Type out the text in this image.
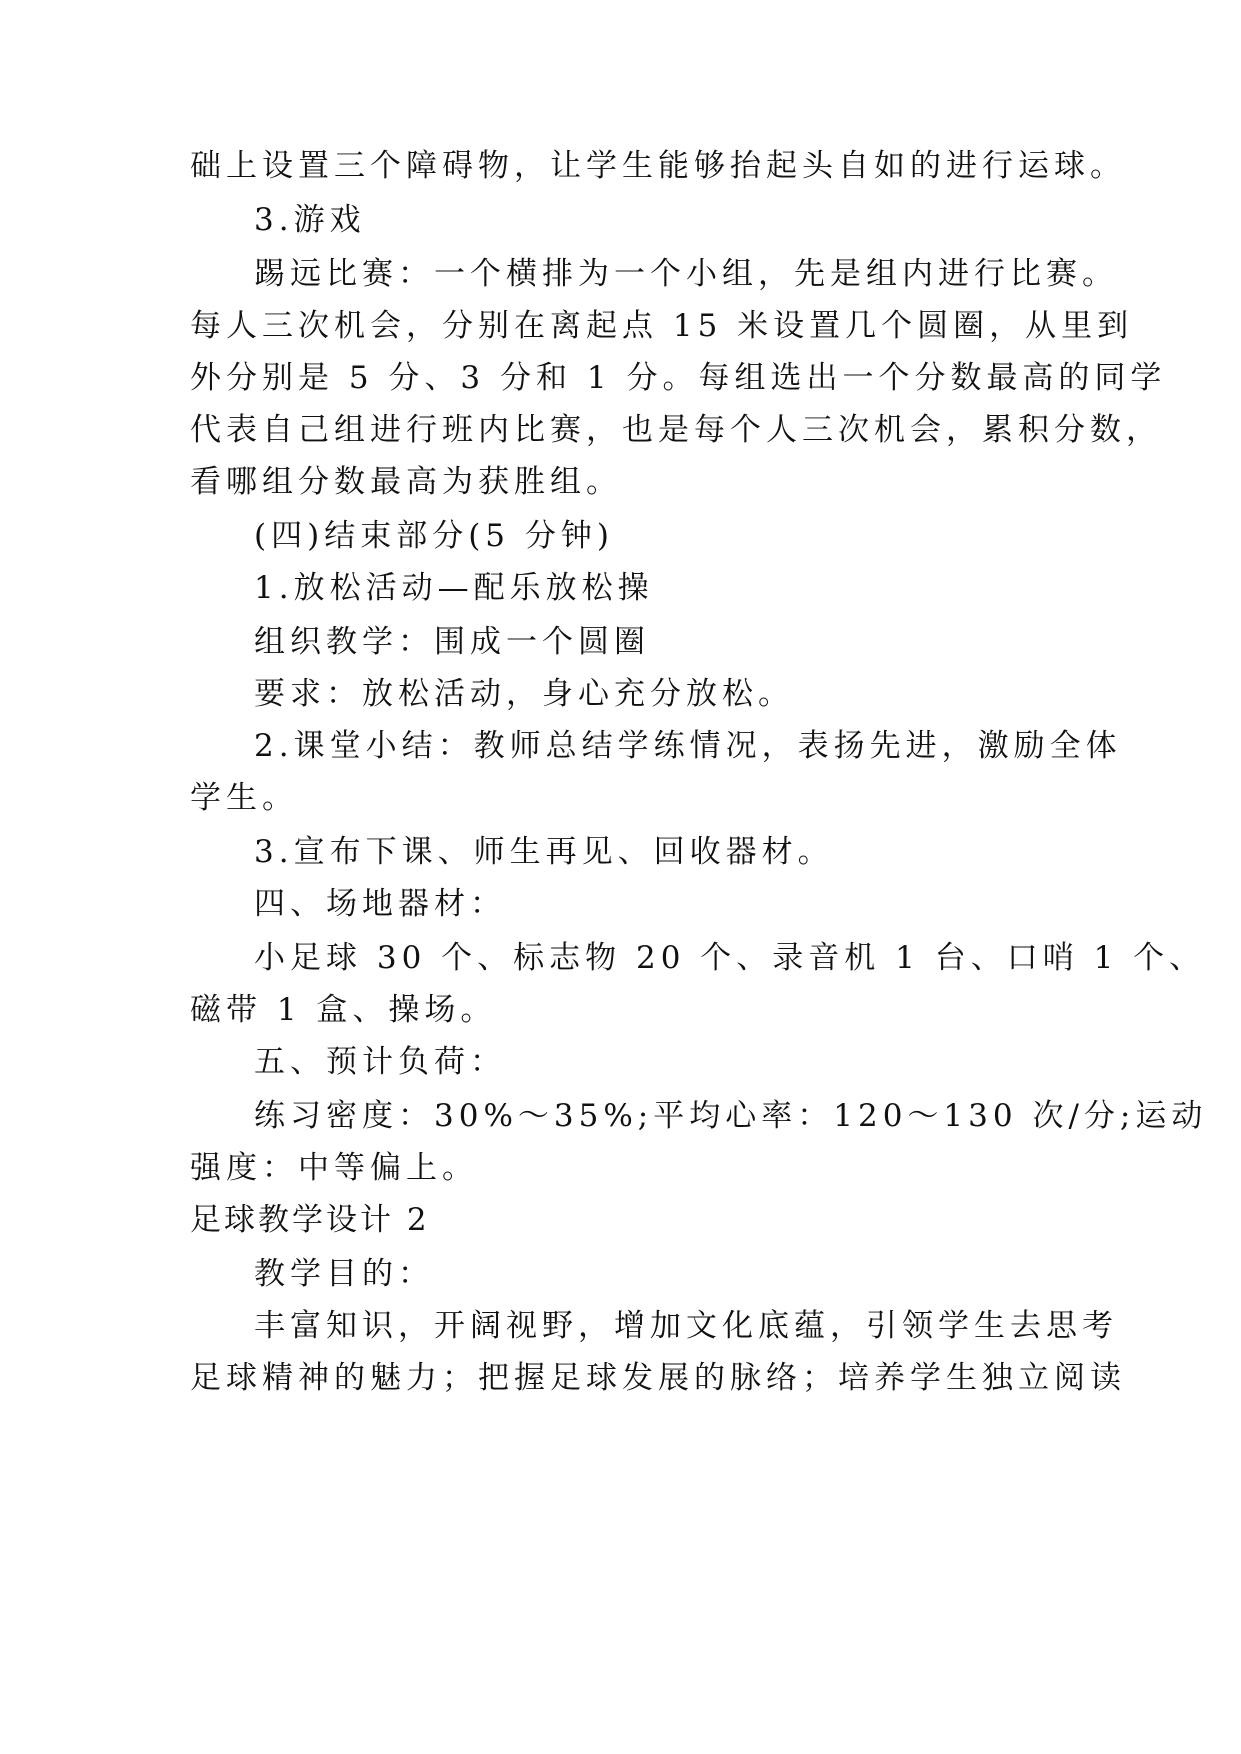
础上设置三个障碍物，让学生能够抬起头自如的进行运球。
3.游戏
踢远比赛：一个横排为一个小组，先是组内进行比赛。
每人三次机会，分别在离起点 15 米设置几个圆圈，从里到
外分别是 5 分、3 分和 1 分。每组选出一个分数最高的同学
代表自己组进行班内比赛，也是每个人三次机会，累积分数，
看哪组分数最高为获胜组。
(四)结束部分(5 分钟)
1.放松活动—配乐放松操
组织教学：围成一个圆圈
要求：放松活动，身心充分放松。
2.课堂小结：教师总结学练情况，表扬先进，激励全体
学生。
3.宣布下课、师生再见、回收器材。
四、场地器材：
小足球 30 个、标志物 20 个、录音机 1 台、口哨 1 个、
磁带 1 盒、操场。
五、预计负荷：
练习密度：30%～35%;平均心率：120～130 次/分;运动
强度：中等偏上。
足球教学设计 2
教学目的：
丰富知识，开阔视野，增加文化底蕴，引领学生去思考
足球精神的魅力；把握足球发展的脉络；培养学生独立阅读
